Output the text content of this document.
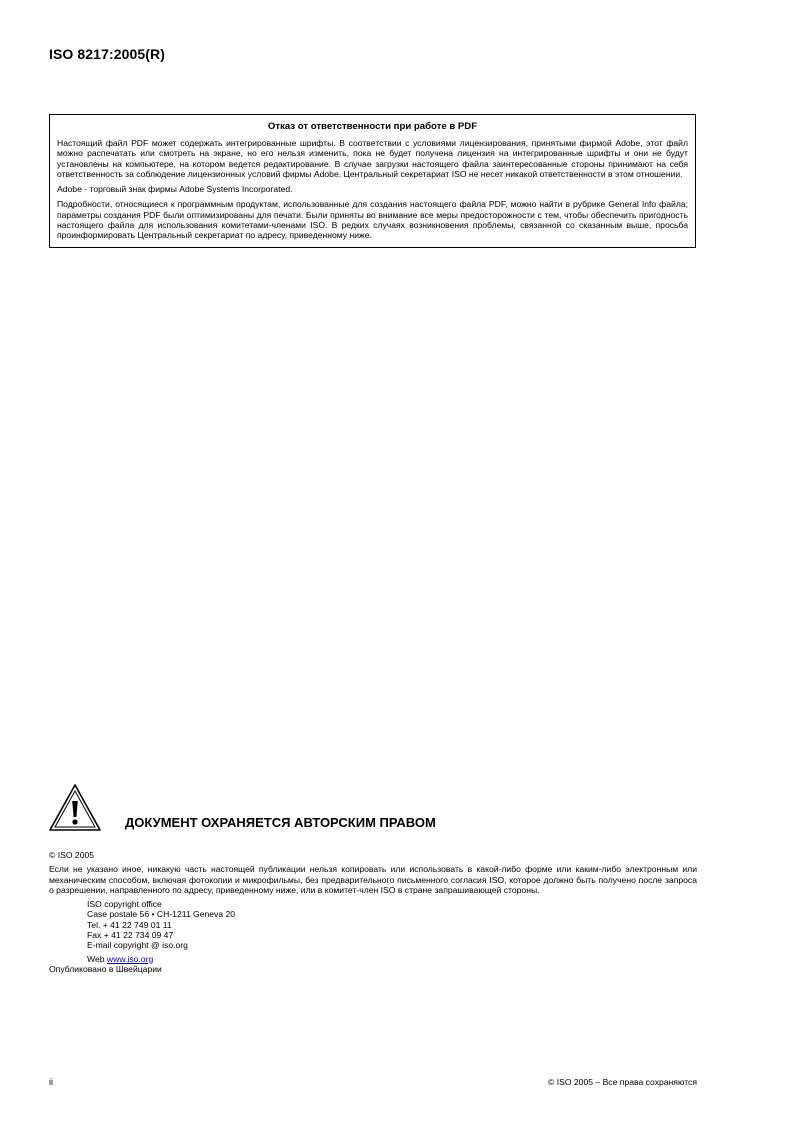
ISO 8217:2005(R)
Отказ от ответственности при работе в PDF

Настоящий файл PDF может содержать интегрированные шрифты. В соответствии с условиями лицензирования, принятыми фирмой Adobe, этот файл можно распечатать или смотреть на экране, но его нельзя изменить, пока не будет получена лицензия на интегрированные шрифты и они не будут установлены на компьютере, на котором ведется редактирование. В случае загрузки настоящего файла заинтересованные стороны принимают на себя ответственность за соблюдение лицензионных условий фирмы Adobe. Центральный секретариат ISO не несет никакой ответственности в этом отношении.

Adobe - торговый знак фирмы Adobe Systems Incorporated.

Подробности, относящиеся к программным продуктам, использованные для создания настоящего файла PDF, можно найти в рубрике General Info файла; параметры создания PDF были оптимизированы для печати. Были приняты во внимание все меры предосторожности с тем, чтобы обеспечить пригодность настоящего файла для использования комитетами-членами ISO. В редких случаях возникновения проблемы, связанной со сказанным выше, просьба проинформировать Центральный секретариат по адресу, приведенному ниже.

ДОКУМЕНТ ОХРАНЯЕТСЯ АВТОРСКИМ ПРАВОМ

© ISO 2005

Если не указано иное, никакую часть настоящей публикации нельзя копировать или использовать в какой-либо форме или каким-либо электронным или механическим способом, включая фотокопии и микрофильмы, без предварительного письменного согласия ISO, которое должно быть получено после запроса о разрешении, направленного по адресу, приведенному ниже, или в комитет-член ISO в стране запрашивающей стороны.

ISO copyright office
Case postale 56 • CH-1211 Geneva 20
Tel. + 41 22 749 01 11
Fax + 41 22 734 09 47
E-mail copyright @ iso.org
Web www.iso.org

Опубликовано в Швейцарии

ii	© ISO 2005 – Все права сохраняются
